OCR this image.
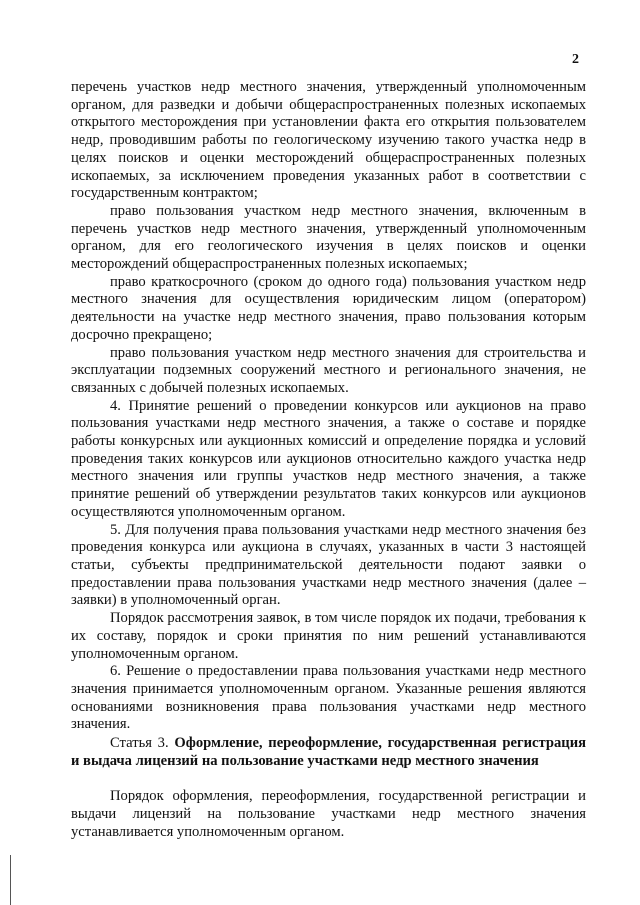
2

перечень участков недр местного значения, утвержденный уполномоченным органом, для разведки и добычи общераспространенных полезных ископаемых открытого месторождения при установлении факта его открытия пользователем недр, проводившим работы по геологическому изучению такого участка недр в целях поисков и оценки месторождений общераспространенных полезных ископаемых, за исключением проведения указанных работ в соответствии с государственным контрактом;

право пользования участком недр местного значения, включенным в перечень участков недр местного значения, утвержденный уполномоченным органом, для его геологического изучения в целях поисков и оценки месторождений общераспространенных полезных ископаемых;

право краткосрочного (сроком до одного года) пользования участком недр местного значения для осуществления юридическим лицом (оператором) деятельности на участке недр местного значения, право пользования которым досрочно прекращено;

право пользования участком недр местного значения для строительства и эксплуатации подземных сооружений местного и регионального значения, не связанных с добычей полезных ископаемых.

4. Принятие решений о проведении конкурсов или аукционов на право пользования участками недр местного значения, а также о составе и порядке работы конкурсных или аукционных комиссий и определение порядка и условий проведения таких конкурсов или аукционов относительно каждого участка недр местного значения или группы участков недр местного значения, а также принятие решений об утверждении результатов таких конкурсов или аукционов осуществляются уполномоченным органом.

5. Для получения права пользования участками недр местного значения без проведения конкурса или аукциона в случаях, указанных в части 3 настоящей статьи, субъекты предпринимательской деятельности подают заявки о предоставлении права пользования участками недр местного значения (далее – заявки) в уполномоченный орган.

Порядок рассмотрения заявок, в том числе порядок их подачи, требования к их составу, порядок и сроки принятия по ним решений устанавливаются уполномоченным органом.

6. Решение о предоставлении права пользования участками недр местного значения принимается уполномоченным органом. Указанные решения являются основаниями возникновения права пользования участками недр местного значения.

Статья 3. Оформление, переоформление, государственная регистрация и выдача лицензий на пользование участками недр местного значения

Порядок оформления, переоформления, государственной регистрации и выдачи лицензий на пользование участками недр местного значения устанавливается уполномоченным органом.
